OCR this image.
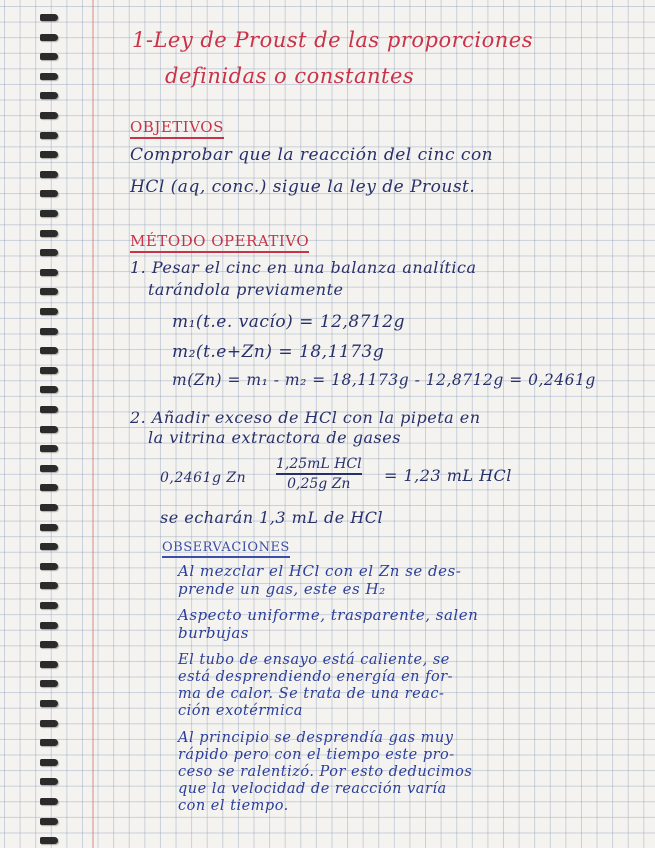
1-Ley de Proust de las proporciones
definidas o constantes
OBJETIVOS
Comprobar que la reacción del cinc con
HCl (aq, conc.) sigue la ley de Proust.
MÉTODO OPERATIVO
1. Pesar el cinc en una balanza analítica
tarándola previamente
m₁(t.e. vacío) = 12,8712g
m₂(t.e+Zn) = 18,1173g
m(Zn) = m₁ - m₂ = 18,1173g - 12,8712g = 0,2461g
2. Añadir exceso de HCl con la pipeta en
la vitrina extractora de gases
0,2461g Zn
1,25mL HCl
0,25g Zn = 1,23 mL HCl
se echarán 1,3 mL de HCl
OBSERVACIONES
Al mezclar el HCl con el Zn se des-
prende un gas, este es H₂
Aspecto uniforme, trasparente, salen
burbujas
El tubo de ensayo está caliente, se
está desprendiendo energía en for-
ma de calor. Se trata de una reac-
ción exotérmica
Al principio se desprendía gas muy
rápido pero con el tiempo este pro-
ceso se ralentizó. Por esto deducimos
que la velocidad de reacción varía
con el tiempo.
